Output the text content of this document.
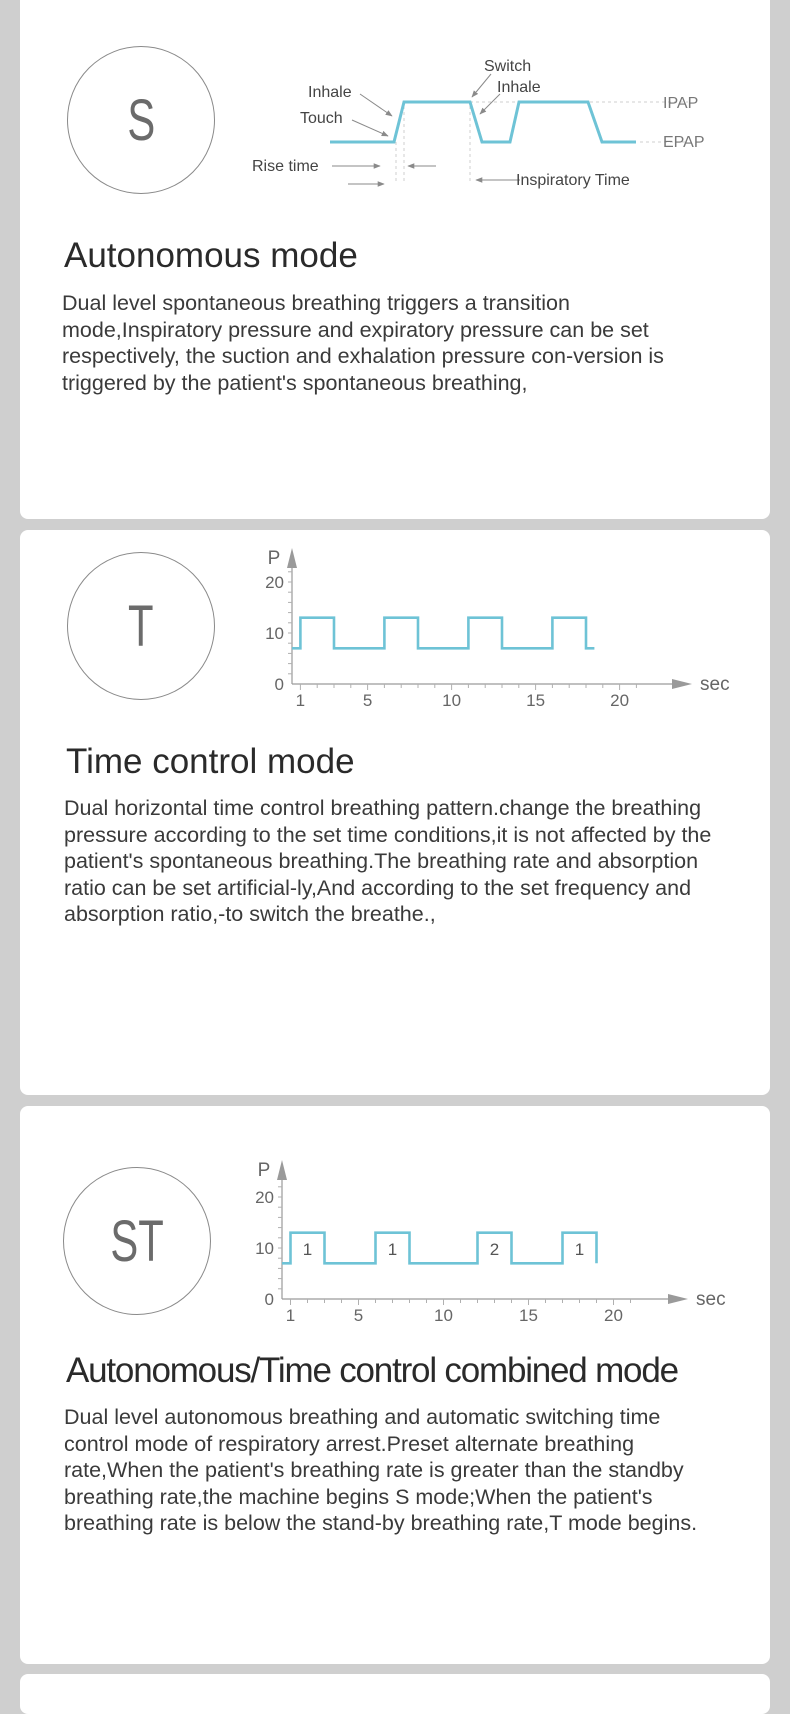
S	Inhale
Touch
Rise time
Switch
Inhale
IPAP
EPAP
Inspiratory Time
Autonomous mode

Dual level spontaneous breathing triggers a transition mode,Inspiratory pressure and expiratory pressure can be set respectively, the suction and exhalation pressure con-version is triggered by the patient's spontaneous breathing,

T
1	5	10	15	20
0
10
20
P
sec
Time control mode

Dual horizontal time control breathing pattern.change the breathing pressure according to the set time conditions,it is not affected by the patient's spontaneous breathing.The breathing rate and absorption ratio can be set artificial-ly,And according to the set frequency and absorption ratio,-to switch the breathe.,

ST
1	5	10	15	20
0
10
20
P
sec
1	1	2	1
Autonomous/Time control combined mode

Dual level autonomous breathing and automatic switching time control mode of respiratory arrest.Preset alternate breathing rate,When the patient's breathing rate is greater than the standby breathing rate,the machine begins S mode;When the patient's breathing rate is below the stand-by breathing rate,T mode begins.
